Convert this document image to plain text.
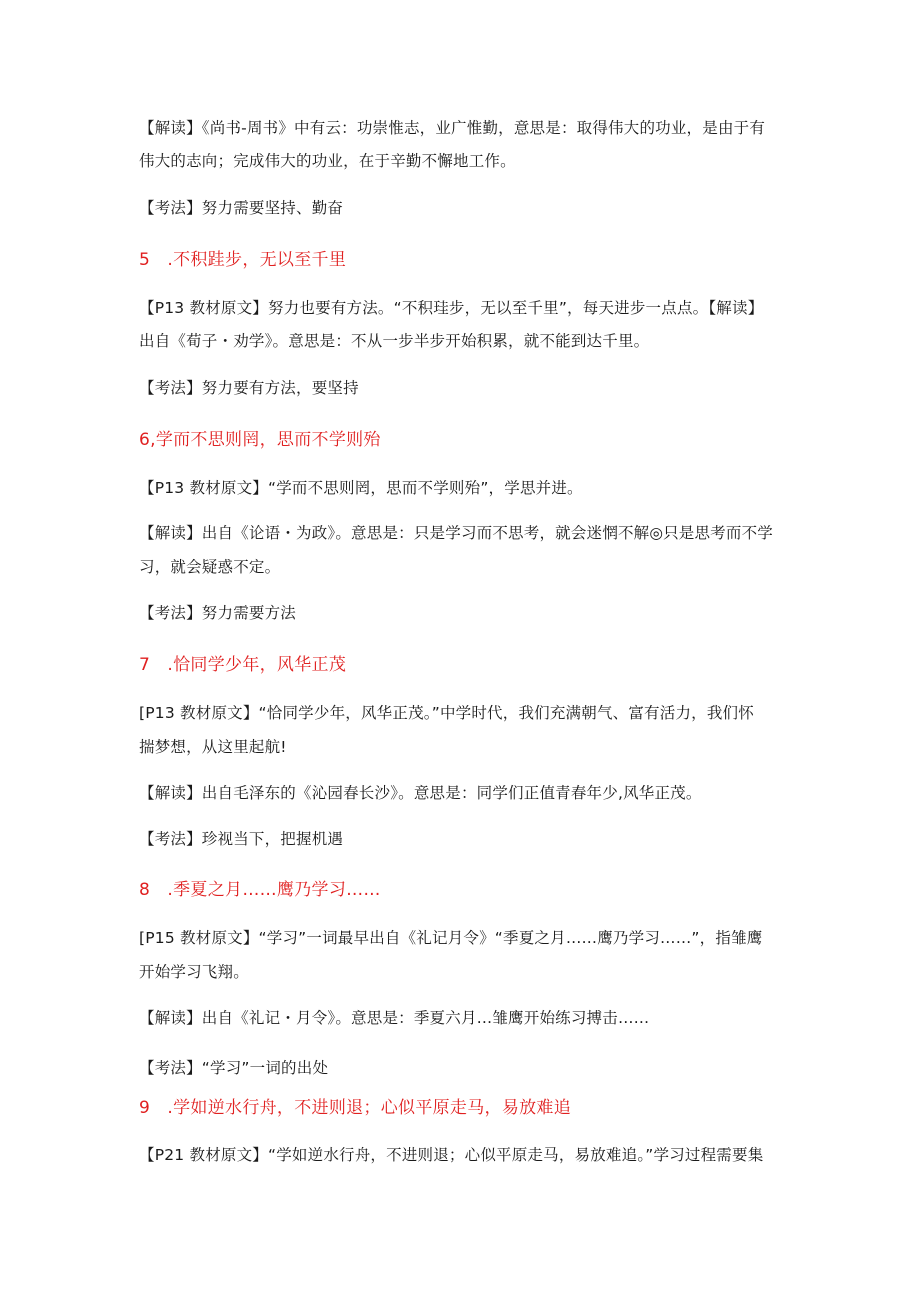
【解读】《尚书-周书》中有云：功崇惟志，业广惟勤，意思是：取得伟大的功业，是由于有
伟大的志向；完成伟大的功业，在于辛勤不懈地工作。
【考法】努力需要坚持、勤奋
5　.不积跬步，无以至千里
【P13 教材原文】努力也要有方法。“不积珪步，无以至千里”，每天进步一点点。【解读】
出自《荀子・劝学》。意思是：不从一步半步开始积累，就不能到达千里。
【考法】努力要有方法，要坚持
6,学而不思则罔，思而不学则殆
【P13 教材原文】“学而不思则罔，思而不学则殆”，学思并进。
【解读】出自《论语・为政》。意思是：只是学习而不思考，就会迷惘不解◎只是思考而不学
习，就会疑惑不定。
【考法】努力需要方法
7　.恰同学少年，风华正茂
[P13 教材原文】“恰同学少年，风华正茂。”中学时代，我们充满朝气、富有活力，我们怀
揣梦想，从这里起航!
【解读】出自毛泽东的《沁园春长沙》。意思是：同学们正值青春年少,风华正茂。
【考法】珍视当下，把握机遇
8　.季夏之月……鹰乃学习……
[P15 教材原文】“学习”一词最早出自《礼记月令》“季夏之月……鹰乃学习……”，指雏鹰
开始学习飞翔。
【解读】出自《礼记・月令》。意思是：季夏六月…雏鹰开始练习搏击……
【考法】“学习”一词的出处
9　.学如逆水行舟，不进则退；心似平原走马，易放难追
【P21 教材原文】“学如逆水行舟，不进则退；心似平原走马，易放难追。”学习过程需要集
